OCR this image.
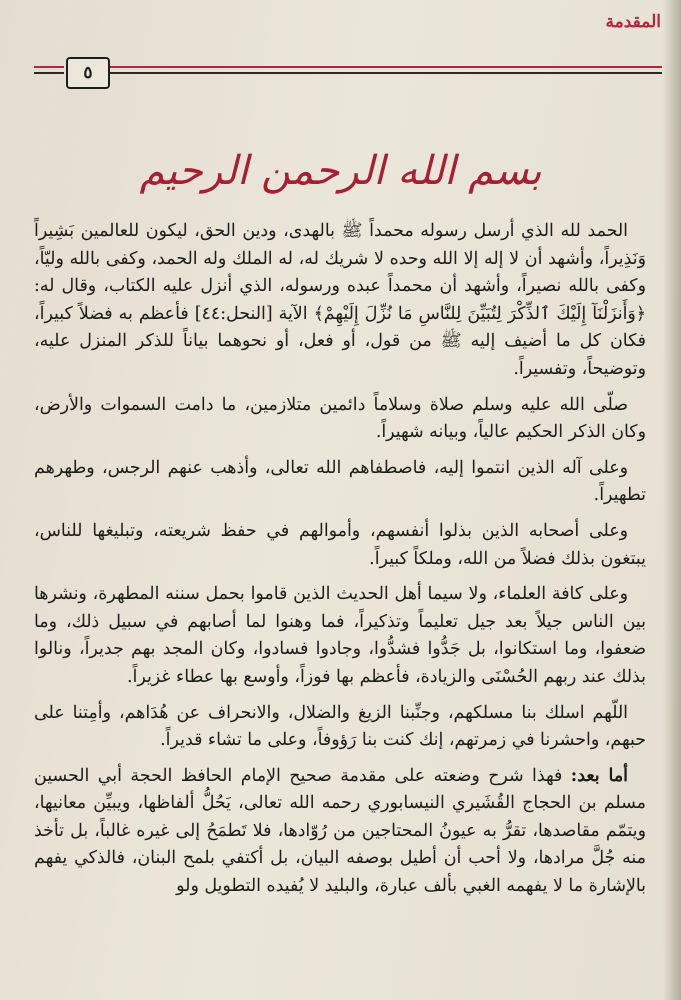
المقدمة
٥
بسم الله الرحمن الرحيم

الحمد لله الذي أرسل رسوله محمداً ﷺ بالهدى، ودين الحق، ليكون للعالمين بَشِيراً وَنَذِيراً، وأشهد أن لا إله إلا الله وحده لا شريك له، له الملك وله الحمد، وكفى بالله وليّاً، وكفى بالله نصيراً، وأشهد أن محمداً عبده ورسوله، الذي أنزل عليه الكتاب، وقال له: ﴿وَأَنزَلْنَآ إِلَيْكَ ٱلذِّكْرَ لِتُبَيِّنَ لِلنَّاسِ مَا نُزِّلَ إِلَيْهِمْ﴾ الآية [النحل:٤٤] فأعظم به فضلاً كبيراً، فكان كل ما أضيف إليه ﷺ من قول، أو فعل، أو نحوهما بياناً للذكر المنزل عليه، وتوضيحاً، وتفسيراً.

صلّى الله عليه وسلم صلاة وسلاماً دائمين متلازمين، ما دامت السموات والأرض، وكان الذكر الحكيم عالياً، وبيانه شهيراً.

وعلى آله الذين انتموا إليه، فاصطفاهم الله تعالى، وأذهب عنهم الرجس، وطهرهم تطهيراً.

وعلى أصحابه الذين بذلوا أنفسهم، وأموالهم في حفظ شريعته، وتبليغها للناس، يبتغون بذلك فضلاً من الله، وملكاً كبيراً.

وعلى كافة العلماء، ولا سيما أهل الحديث الذين قاموا بحمل سننه المطهرة، ونشرها بين الناس جيلاً بعد جيل تعليماً وتذكيراً، فما وهنوا لما أصابهم في سبيل ذلك، وما ضعفوا، وما استكانوا، بل جَدُّوا فشدُّوا، وجادوا فسادوا، وكان المجد بهم جديراً، ونالوا بذلك عند ربهم الحُسْنَى والزيادة، فأعظم بها فوزاً، وأوسع بها عطاء غزيراً.

اللّهم اسلك بنا مسلكهم، وجنِّبنا الزيغ والضلال، والانحراف عن هُدَاهم، وأمِتنا على حبهم، واحشرنا في زمرتهم، إنك كنت بنا رَؤوفاً، وعلى ما تشاء قديراً.

أما بعد: فهذا شرح وضعته على مقدمة صحيح الإمام الحافظ الحجة أبي الحسين مسلم بن الحجاج القُشَيري النيسابوري رحمه الله تعالى، يَحُلُّ ألفاظها، ويبيِّن معانيها، ويتمّم مقاصدها، تقرُّ به عيونُ المحتاجين من رُوّادها، فلا تَطمَحُ إلى غيره غالباً، بل تأخذ منه جُلَّ مرادها، ولا أحب أن أطيل بوصفه البيان، بل أكتفي بلمح البنان، فالذكي يفهم بالإشارة ما لا يفهمه الغبي بألف عبارة، والبليد لا يُفيده التطويل ولو
